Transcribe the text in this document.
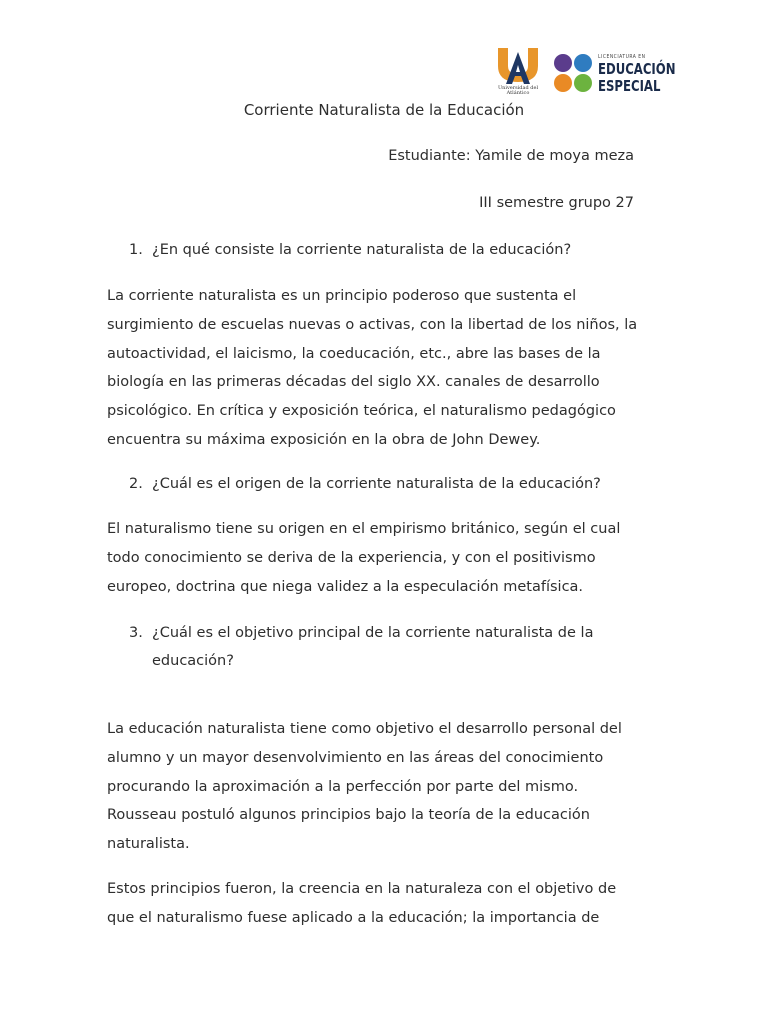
Universidad del Atlántico
LICENCIATURA EN
EDUCACIÓN
ESPECIAL
Corriente Naturalista de la Educación
Estudiante: Yamile de moya meza
III semestre grupo 27
1. ¿En qué consiste la corriente naturalista de la educación?
La corriente naturalista es un principio poderoso que sustenta el
surgimiento de escuelas nuevas o activas, con la libertad de los niños, la
autoactividad, el laicismo, la coeducación, etc., abre las bases de la
biología en las primeras décadas del siglo XX. canales de desarrollo
psicológico. En crítica y exposición teórica, el naturalismo pedagógico
encuentra su máxima exposición en la obra de John Dewey.
2. ¿Cuál es el origen de la corriente naturalista de la educación?
El naturalismo tiene su origen en el empirismo británico, según el cual
todo conocimiento se deriva de la experiencia, y con el positivismo
europeo, doctrina que niega validez a la especulación metafísica.
3. ¿Cuál es el objetivo principal de la corriente naturalista de la
educación?
La educación naturalista tiene como objetivo el desarrollo personal del
alumno y un mayor desenvolvimiento en las áreas del conocimiento
procurando la aproximación a la perfección por parte del mismo.
Rousseau postuló algunos principios bajo la teoría de la educación
naturalista.
Estos principios fueron, la creencia en la naturaleza con el objetivo de
que el naturalismo fuese aplicado a la educación; la importancia de
